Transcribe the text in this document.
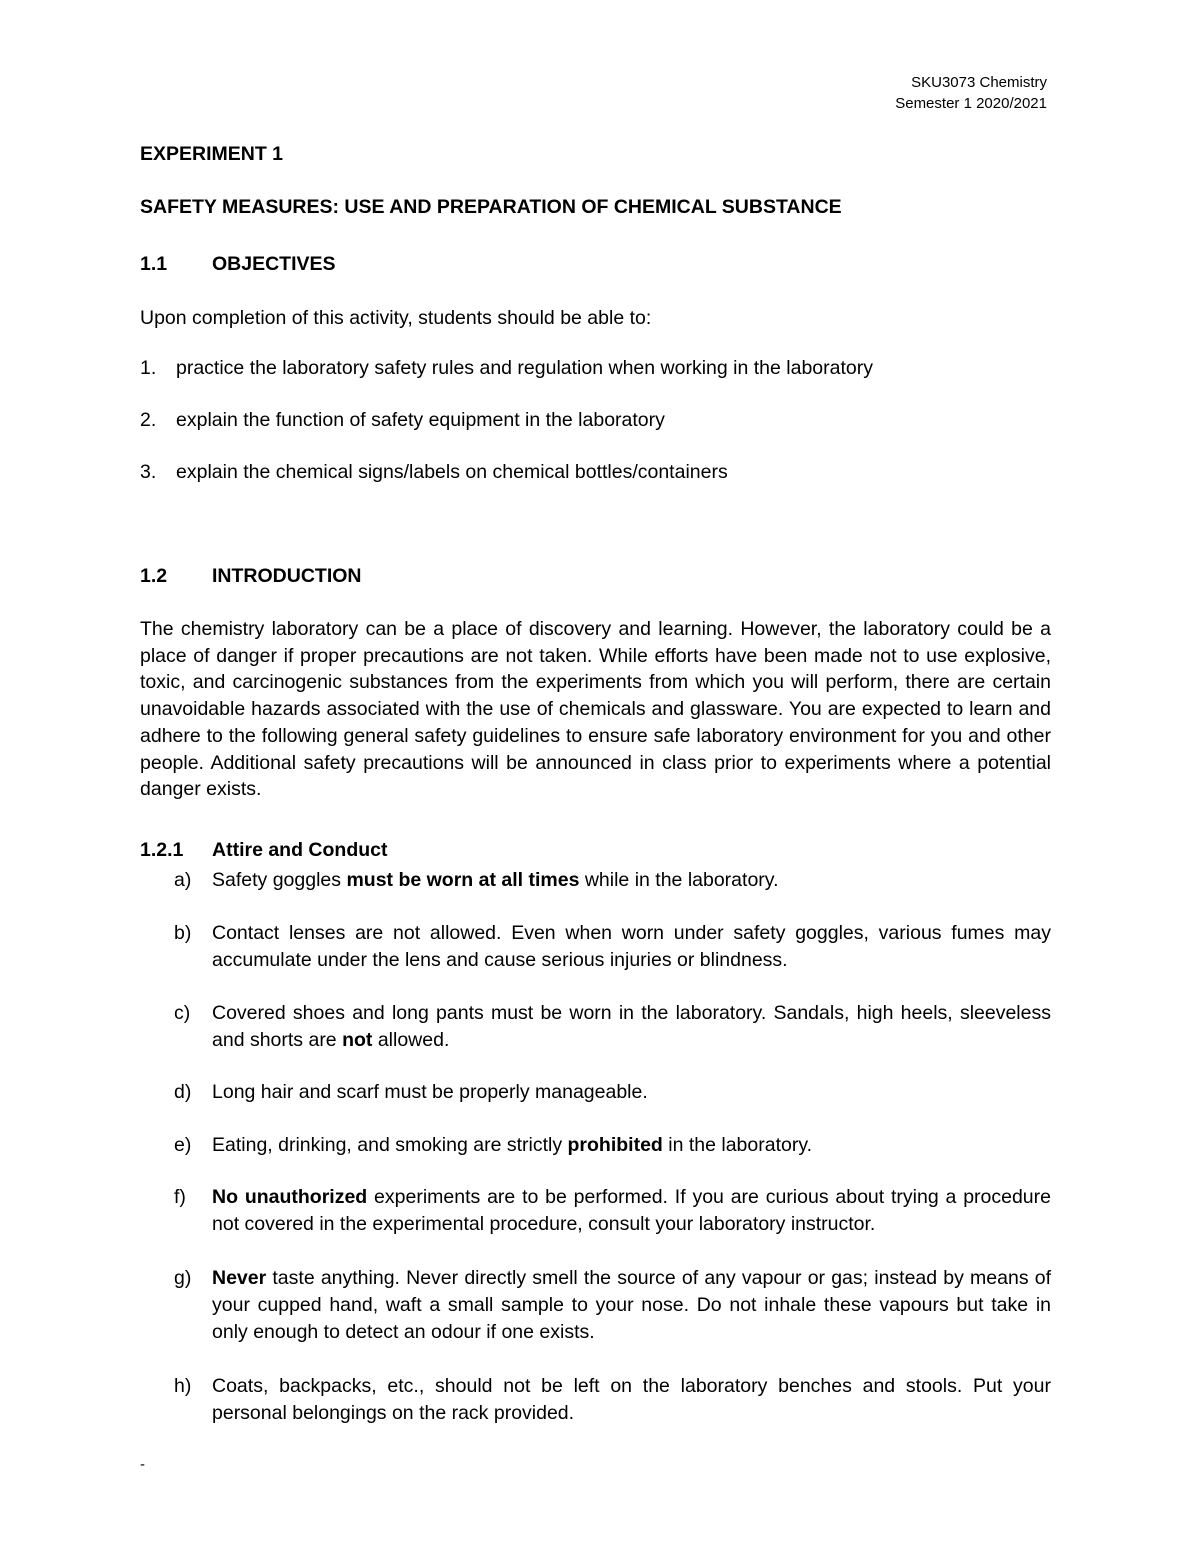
SKU3073 Chemistry
Semester 1 2020/2021
EXPERIMENT 1
SAFETY MEASURES: USE AND PREPARATION OF CHEMICAL SUBSTANCE
1.1 OBJECTIVES
Upon completion of this activity, students should be able to:
1. practice the laboratory safety rules and regulation when working in the laboratory
2. explain the function of safety equipment in the laboratory
3. explain the chemical signs/labels on chemical bottles/containers
1.2 INTRODUCTION
The chemistry laboratory can be a place of discovery and learning. However, the laboratory could be a place of danger if proper precautions are not taken. While efforts have been made not to use explosive, toxic, and carcinogenic substances from the experiments from which you will perform, there are certain unavoidable hazards associated with the use of chemicals and glassware. You are expected to learn and adhere to the following general safety guidelines to ensure safe laboratory environment for you and other people. Additional safety precautions will be announced in class prior to experiments where a potential danger exists.
1.2.1 Attire and Conduct
a) Safety goggles must be worn at all times while in the laboratory.
b) Contact lenses are not allowed. Even when worn under safety goggles, various fumes may accumulate under the lens and cause serious injuries or blindness.
c) Covered shoes and long pants must be worn in the laboratory. Sandals, high heels, sleeveless and shorts are not allowed.
d) Long hair and scarf must be properly manageable.
e) Eating, drinking, and smoking are strictly prohibited in the laboratory.
f) No unauthorized experiments are to be performed. If you are curious about trying a procedure not covered in the experimental procedure, consult your laboratory instructor.
g) Never taste anything. Never directly smell the source of any vapour or gas; instead by means of your cupped hand, waft a small sample to your nose. Do not inhale these vapours but take in only enough to detect an odour if one exists.
h) Coats, backpacks, etc., should not be left on the laboratory benches and stools. Put your personal belongings on the rack provided.
-
